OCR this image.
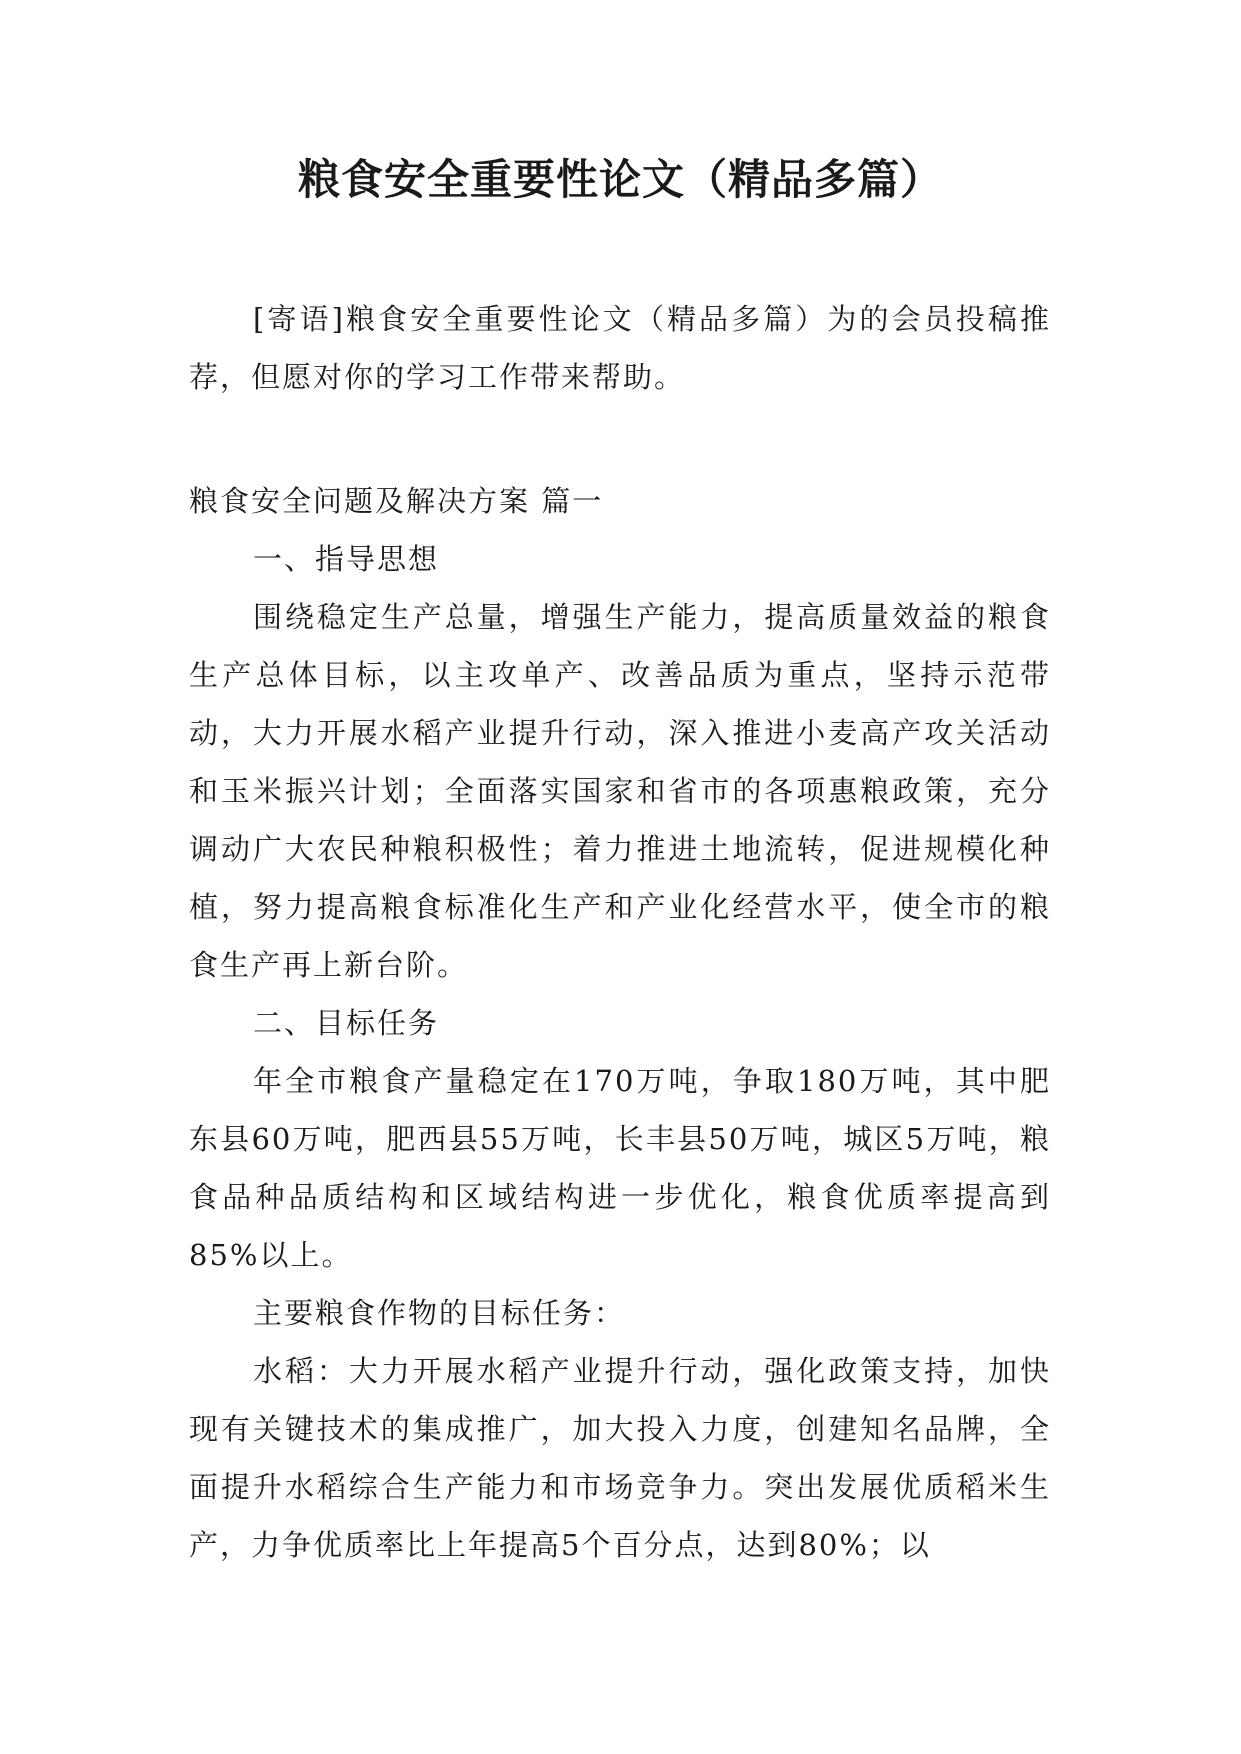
粮食安全重要性论文（精品多篇）

[寄语]粮食安全重要性论文（精品多篇）为的会员投稿推荐，但愿对你的学习工作带来帮助。

粮食安全问题及解决方案 篇一

一、指导思想

围绕稳定生产总量，增强生产能力，提高质量效益的粮食生产总体目标，以主攻单产、改善品质为重点，坚持示范带动，大力开展水稻产业提升行动，深入推进小麦高产攻关活动和玉米振兴计划；全面落实国家和省市的各项惠粮政策，充分调动广大农民种粮积极性；着力推进土地流转，促进规模化种植，努力提高粮食标准化生产和产业化经营水平，使全市的粮食生产再上新台阶。

二、目标任务

年全市粮食产量稳定在170万吨，争取180万吨，其中肥东县60万吨，肥西县55万吨，长丰县50万吨，城区5万吨，粮食品种品质结构和区域结构进一步优化，粮食优质率提高到85%以上。

主要粮食作物的目标任务：

水稻：大力开展水稻产业提升行动，强化政策支持，加快现有关键技术的集成推广，加大投入力度，创建知名品牌，全面提升水稻综合生产能力和市场竞争力。突出发展优质稻米生产，力争优质率比上年提高5个百分点，达到80%；以
